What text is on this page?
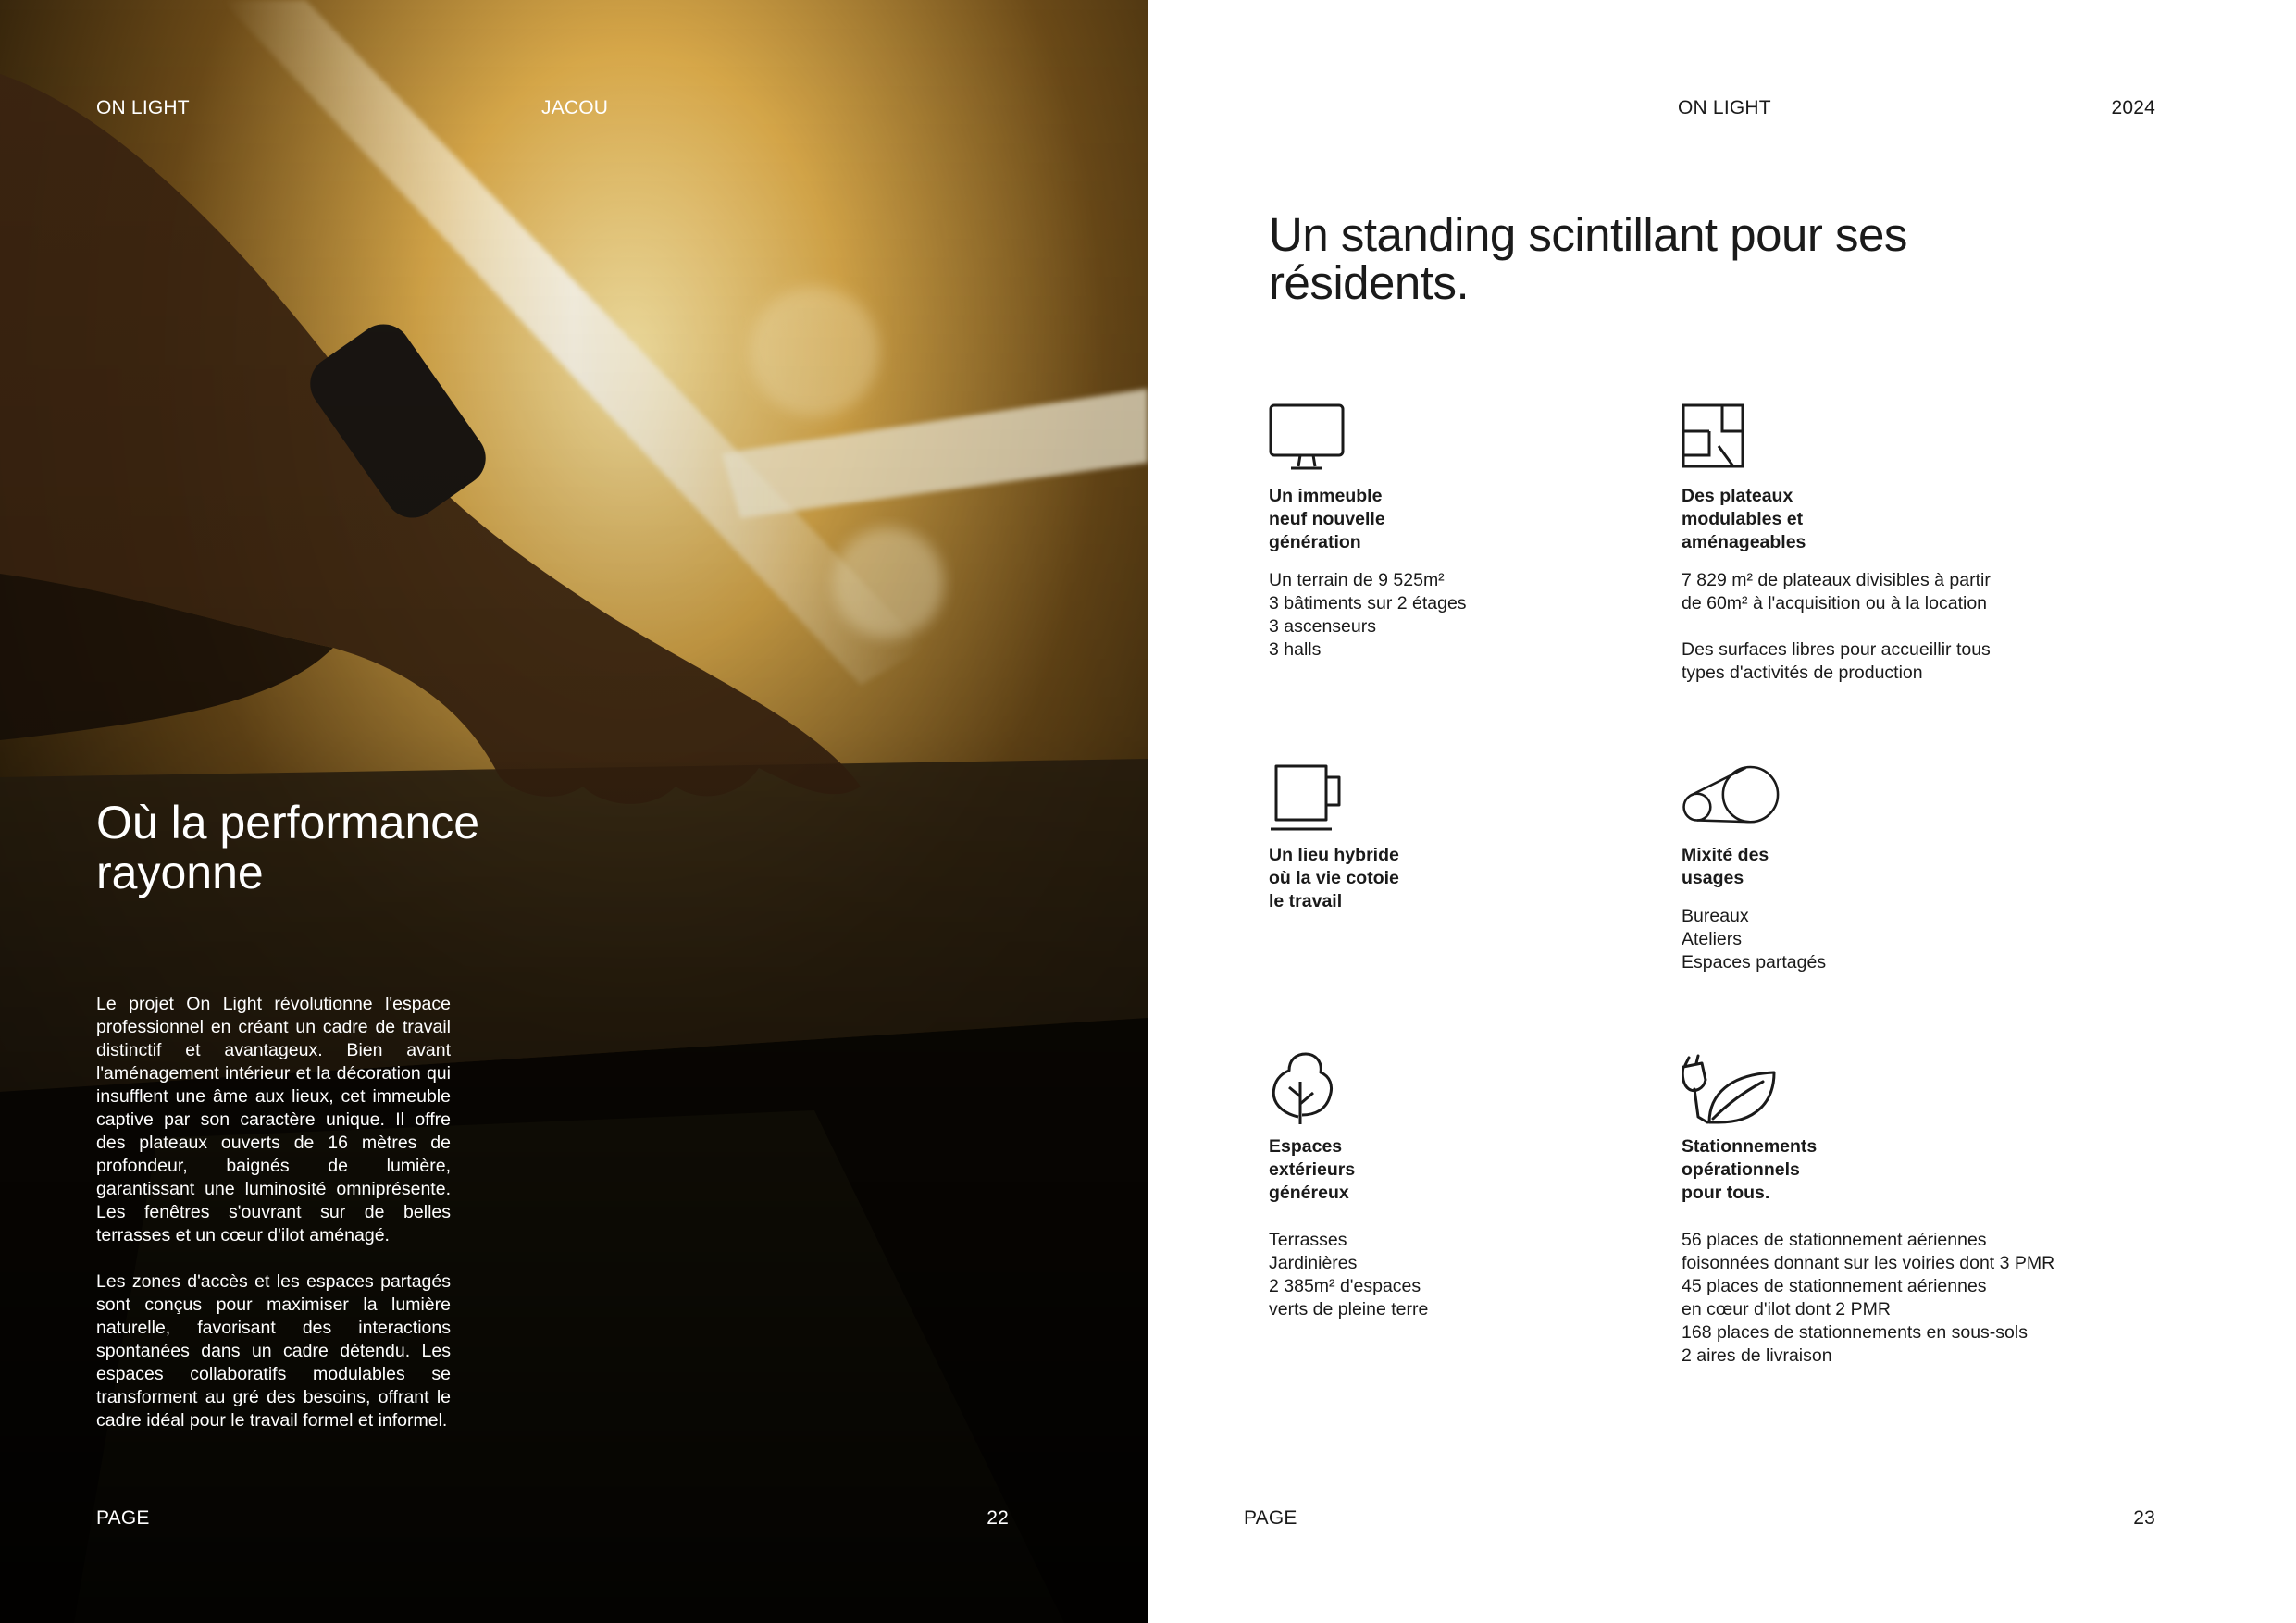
ON LIGHT	JACOU
Où la performance rayonne

Le projet On Light révolutionne l'espace professionnel en créant un cadre de travail distinctif et avantageux. Bien avant l'aménagement intérieur et la décoration qui insufflent une âme aux lieux, cet immeuble captive par son caractère unique. Il offre des plateaux ouverts de 16 mètres de profondeur, baignés de lumière, garantissant une luminosité omniprésente. Les fenêtres s'ouvrant sur de belles terrasses et un cœur d'ilot aménagé.

Les zones d'accès et les espaces partagés sont conçus pour maximiser la lumière naturelle, favorisant des interactions spontanées dans un cadre détendu. Les espaces collaboratifs modulables se transforment au gré des besoins, offrant le cadre idéal pour le travail formel et informel.

PAGE	22
ON LIGHT	2024
Un standing scintillant pour ses résidents.
Un immeuble
neuf nouvelle
génération
Un terrain de 9 525m²
3 bâtiments sur 2 étages
3 ascenseurs
3 halls
Des plateaux
modulables et
aménageables
7 829 m² de plateaux divisibles à partir
de 60m² à l'acquisition ou à la location

Des surfaces libres pour accueillir tous
types d'activités de production
Un lieu hybride
où la vie cotoie
le travail
Mixité des
usages
Bureaux
Ateliers
Espaces partagés
Espaces
extérieurs
généreux
Terrasses
Jardinières
2 385m² d'espaces
verts de pleine terre
Stationnements
opérationnels
pour tous.
56 places de stationnement aériennes
foisonnées donnant sur les voiries dont 3 PMR
45 places de stationnement aériennes
en cœur d'ilot dont 2 PMR
168 places de stationnements en sous-sols
2 aires de livraison
PAGE	23
